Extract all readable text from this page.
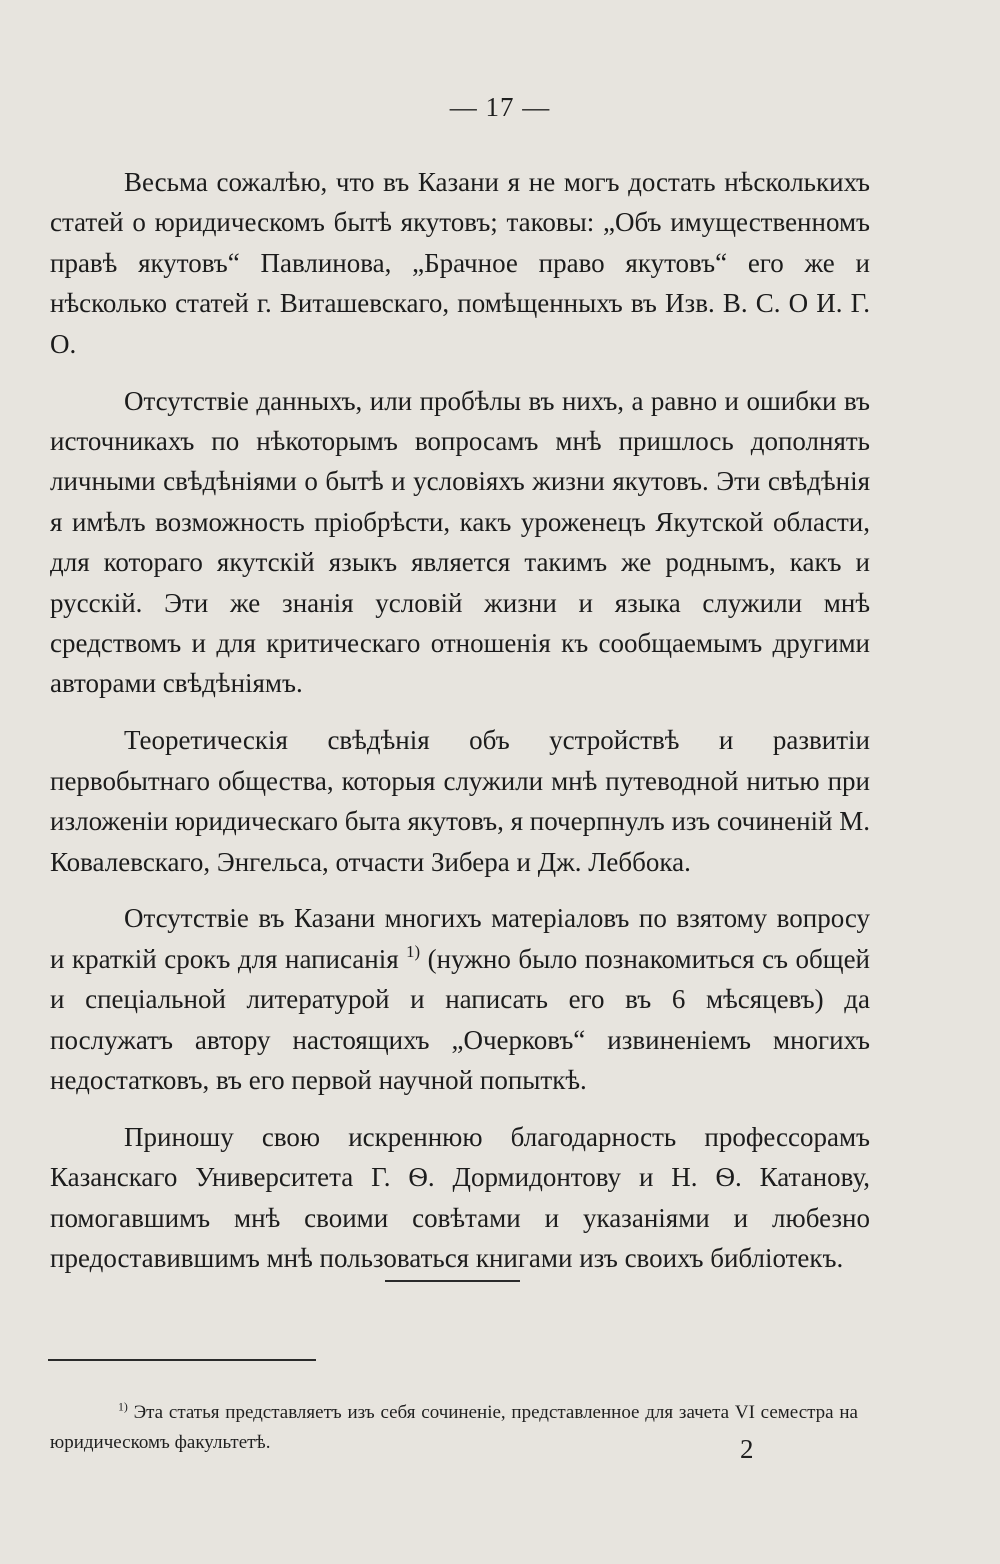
— 17 —

Весьма сожалѣю, что въ Казани я не могъ достать нѣсколькихъ статей о юридическомъ бытѣ якутовъ; таковы: „Объ имущественномъ правѣ якутовъ“ Павлинова, „Брачное право якутовъ“ его же и нѣсколько статей г. Виташевскаго, помѣщенныхъ въ Изв. В. С. О И. Г. О.

Отсутствіе данныхъ, или пробѣлы въ нихъ, а равно и ошибки въ источникахъ по нѣкоторымъ вопросамъ мнѣ пришлось дополнять личными свѣдѣніями о бытѣ и условіяхъ жизни якутовъ. Эти свѣдѣнія я имѣлъ возможность пріобрѣсти, какъ уроженецъ Якутской области, для котораго якутскій языкъ является такимъ же роднымъ, какъ и русскій. Эти же знанія условій жизни и языка служили мнѣ средствомъ и для критическаго отношенія къ сообщаемымъ другими авторами свѣдѣніямъ.

Теоретическія свѣдѣнія объ устройствѣ и развитіи первобытнаго общества, которыя служили мнѣ путеводной нитью при изложеніи юридическаго быта якутовъ, я почерпнулъ изъ сочиненій М. Ковалевскаго, Энгельса, отчасти Зибера и Дж. Леббока.

Отсутствіе въ Казани многихъ матеріаловъ по взятому вопросу и краткій срокъ для написанія $^{1)}$ (нужно было познакомиться съ общей и спеціальной литературой и написать его въ 6 мѣсяцевъ) да послужатъ автору настоящихъ „Очерковъ“ извиненіемъ многихъ недостатковъ, въ его первой научной попыткѣ.

Приношу свою искреннюю благодарность профессорамъ Казанскаго Университета Г. Ѳ. Дормидонтову и Н. Ѳ. Катанову, помогавшимъ мнѣ своими совѣтами и указаніями и любезно предоставившимъ мнѣ пользоваться книгами изъ своихъ библіотекъ.

$^{1)}$ Эта статья представляетъ изъ себя сочиненіе, представленное для зачета VI семестра на юридическомъ факультетѣ.	2
